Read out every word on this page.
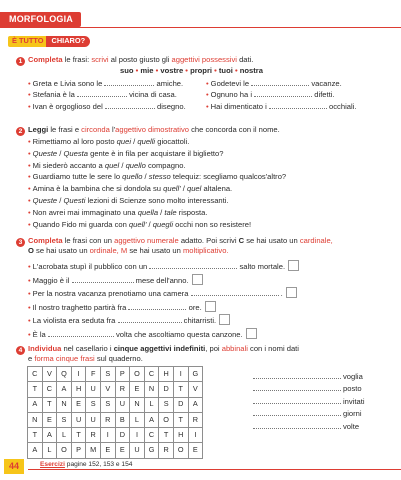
MORFOLOGIA
È TUTTO CHIARO?
1 Completa le frasi: scrivi al posto giusto gli aggettivi possessivi dati.
suo • mie • vostre • propri • tuoi • nostra
• Greta e Livia sono le	amiche.
• Stefania è la	vicina di casa.
• Ivan è orgoglioso del	disegno.
• Godetevi le	vacanze.
• Ognuno ha i	difetti.
• Hai dimenticato i	occhiali.
2 Leggi le frasi e circonda l'aggettivo dimostrativo che concorda con il nome.
• Rimettiamo al loro posto quei / quelli giocattoli.
• Queste / Questa gente è in fila per acquistare il biglietto?
• Mi siederò accanto a quel / quello compagno.
• Guardiamo tutte le sere lo quello / stesso telequiz: scegliamo qualcos'altro?
• Amina è la bambina che si dondola su quell' / quel altalena.
• Queste / Questi lezioni di Scienze sono molto interessanti.
• Non avrei mai immaginato una quella / tale risposta.
• Quando Fido mi guarda con quell' / quegli occhi non so resistere!
3 Completa le frasi con un aggettivo numerale adatto. Poi scrivi C se hai usato un cardinale,
O se hai usato un ordinale, M se hai usato un moltiplicativo.
• L'acrobata stupì il pubblico con un	salto mortale.
• Maggio è il	mese dell'anno.
• Per la nostra vacanza prenotiamo una camera	.
• Il nostro traghetto partirà fra	ore.
• La violista era seduta fra	chitarristi.
• È la	volta che ascoltiamo questa canzone.
4 Individua nel casellario i cinque aggettivi indefiniti, poi abbinali con i nomi dati
e forma cinque frasi sul quaderno.
C	V	Q	I	F	S	P	O	C	H	I	G
T	C	A	H	U	V	R	E	N	D	T	V
A	T	N	E	S	S	U	N	L	S	D	A
N	E	S	U	U	R	B	L	A	O	T	R
T	A	L	T	R	I	D	I	C	T	H	I
A	L	O	P	M	E	E	U	G	R	O	E
voglia
posto
invitati
giorni
volte
44	Esercizi pagine 152, 153 e 154
